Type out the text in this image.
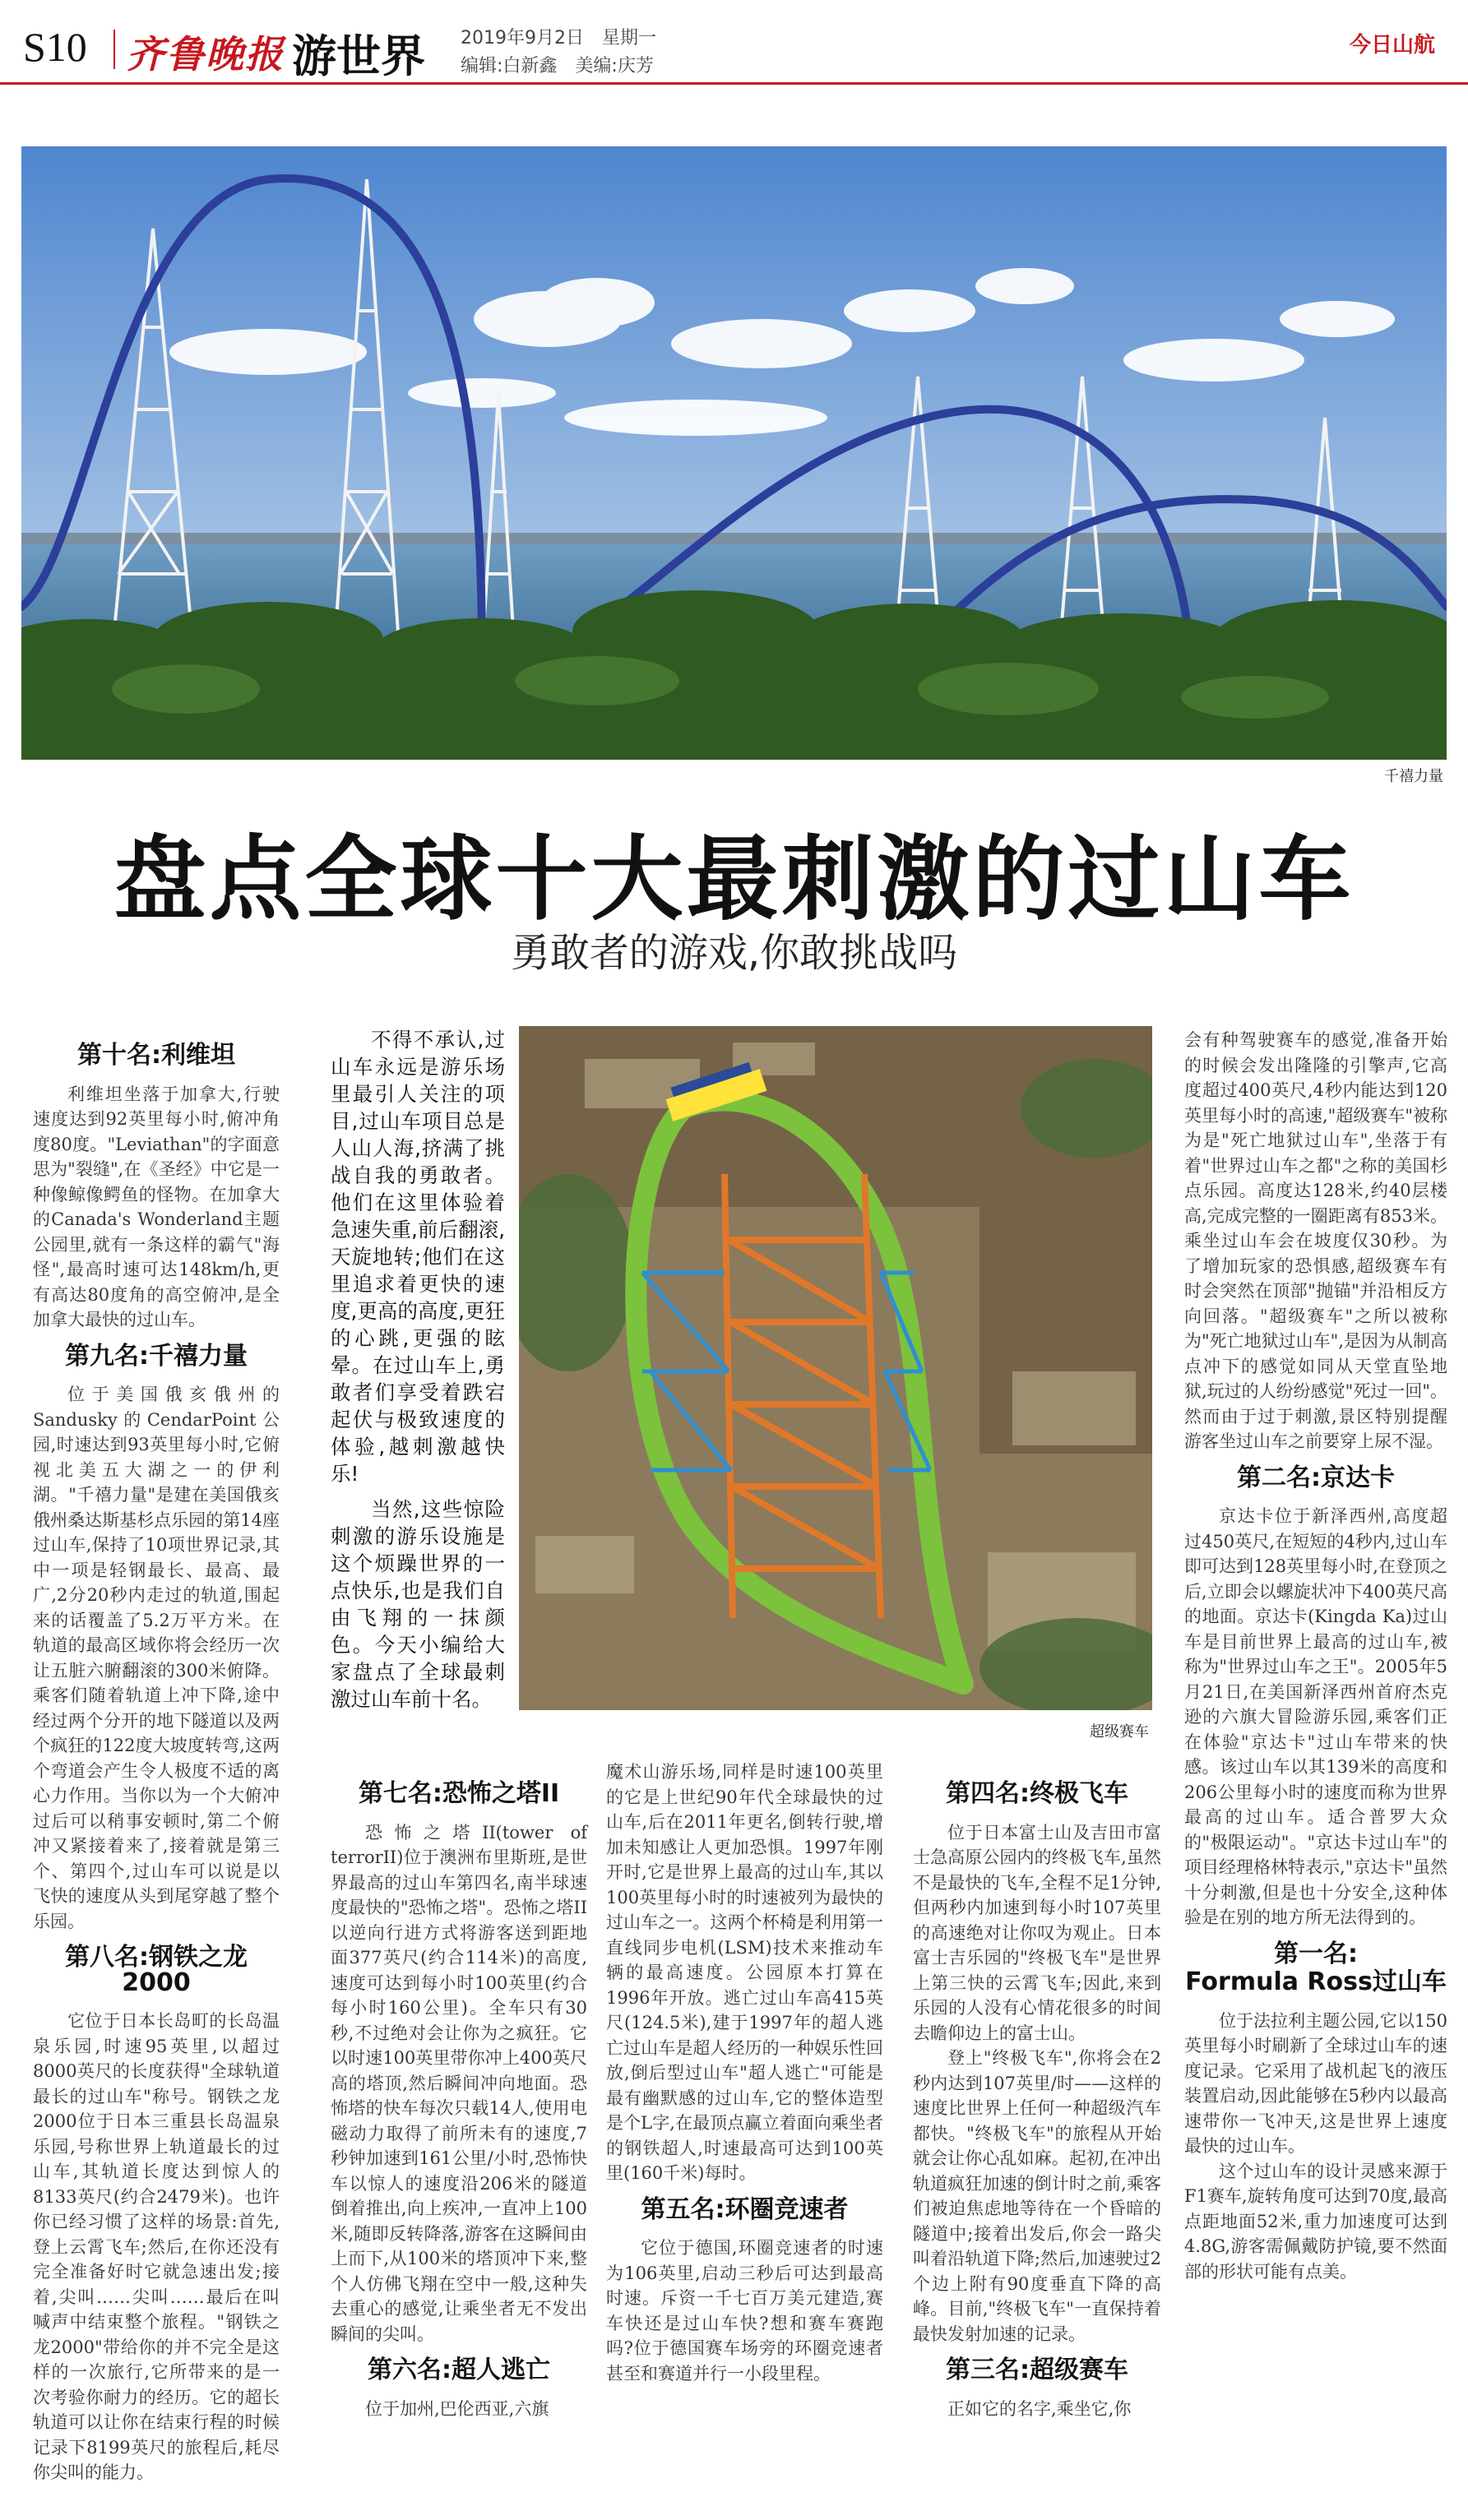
S10 齐鲁晚报 游世界 2019年9月2日　星期一
编辑:白新鑫　美编:庆芳
今日山航
千禧力量
盘点全球十大最刺激的过山车
勇敢者的游戏,你敢挑战吗
第十名:利维坦

利维坦坐落于加拿大,行驶速度达到92英里每小时,俯冲角度80度。"Leviathan"的字面意思为"裂缝",在《圣经》中它是一种像鲸像鳄鱼的怪物。在加拿大的Canada's Wonderland主题公园里,就有一条这样的霸气"海怪",最高时速可达148km/h,更有高达80度角的高空俯冲,是全加拿大最快的过山车。

第九名:千禧力量

位于美国俄亥俄州的Sandusky的CendarPoint公园,时速达到93英里每小时,它俯视北美五大湖之一的伊利湖。"千禧力量"是建在美国俄亥俄州桑达斯基杉点乐园的第14座过山车,保持了10项世界记录,其中一项是轻钢最长、最高、最广,2分20秒内走过的轨道,围起来的话覆盖了5.2万平方米。在轨道的最高区域你将会经历一次让五脏六腑翻滚的300米俯降。乘客们随着轨道上冲下降,途中经过两个分开的地下隧道以及两个疯狂的122度大坡度转弯,这两个弯道会产生令人极度不适的离心力作用。当你以为一个大俯冲过后可以稍事安顿时,第二个俯冲又紧接着来了,接着就是第三个、第四个,过山车可以说是以飞快的速度从头到尾穿越了整个乐园。

第八名:钢铁之龙2000

它位于日本长岛町的长岛温泉乐园,时速95英里,以超过8000英尺的长度获得"全球轨道最长的过山车"称号。钢铁之龙2000位于日本三重县长岛温泉乐园,号称世界上轨道最长的过山车,其轨道长度达到惊人的8133英尺(约合2479米)。也许你已经习惯了这样的场景:首先,登上云霄飞车;然后,在你还没有完全准备好时它就急速出发;接着,尖叫……尖叫……最后在叫喊声中结束整个旅程。"钢铁之龙2000"带给你的并不完全是这样的一次旅行,它所带来的是一次考验你耐力的经历。它的超长轨道可以让你在结束行程的时候记录下8199英尺的旅程后,耗尽你尖叫的能力。

不得不承认,过山车永远是游乐场里最引人关注的项目,过山车项目总是人山人海,挤满了挑战自我的勇敢者。他们在这里体验着急速失重,前后翻滚,天旋地转;他们在这里追求着更快的速度,更高的高度,更狂的心跳,更强的眩晕。在过山车上,勇敢者们享受着跌宕起伏与极致速度的体验,越刺激越快乐!

当然,这些惊险刺激的游乐设施是这个烦躁世界的一点快乐,也是我们自由飞翔的一抹颜色。今天小编给大家盘点了全球最刺激过山车前十名。

超级赛车
第七名:恐怖之塔II

恐怖之塔II(tower of terrorII)位于澳洲布里斯班,是世界最高的过山车第四名,南半球速度最快的"恐怖之塔"。恐怖之塔II以逆向行进方式将游客送到距地面377英尺(约合114米)的高度,速度可达到每小时100英里(约合每小时160公里)。全车只有30秒,不过绝对会让你为之疯狂。它以时速100英里带你冲上400英尺高的塔顶,然后瞬间冲向地面。恐怖塔的快车每次只载14人,使用电磁动力取得了前所未有的速度,7秒钟加速到161公里/小时,恐怖快车以惊人的速度沿206米的隧道倒着推出,向上疾冲,一直冲上100米,随即反转降落,游客在这瞬间由上而下,从100米的塔顶冲下来,整个人仿佛飞翔在空中一般,这种失去重心的感觉,让乘坐者无不发出瞬间的尖叫。

第六名:超人逃亡

位于加州,巴伦西亚,六旗

魔术山游乐场,同样是时速100英里的它是上世纪90年代全球最快的过山车,后在2011年更名,倒转行驶,增加未知感让人更加恐惧。1997年刚开时,它是世界上最高的过山车,其以100英里每小时的时速被列为最快的过山车之一。这两个杯椅是利用第一直线同步电机(LSM)技术来推动车辆的最高速度。公园原本打算在1996年开放。逃亡过山车高415英尺(124.5米),建于1997年的超人逃亡过山车是超人经历的一种娱乐性回放,倒后型过山车"超人逃亡"可能是最有幽默感的过山车,它的整体造型是个L字,在最顶点赢立着面向乘坐者的钢铁超人,时速最高可达到100英里(160千米)每时。

第五名:环圈竞速者

它位于德国,环圈竞速者的时速为106英里,启动三秒后可达到最高时速。斥资一千七百万美元建造,赛车快还是过山车快?想和赛车赛跑吗?位于德国赛车场旁的环圈竞速者甚至和赛道并行一小段里程。

第四名:终极飞车

位于日本富士山及吉田市富士急高原公园内的终极飞车,虽然不是最快的飞车,全程不足1分钟,但两秒内加速到每小时107英里的高速绝对让你叹为观止。日本富士吉乐园的"终极飞车"是世界上第三快的云霄飞车;因此,来到乐园的人没有心情花很多的时间去瞻仰边上的富士山。

登上"终极飞车",你将会在2秒内达到107英里/时——这样的速度比世界上任何一种超级汽车都快。"终极飞车"的旅程从开始就会让你心乱如麻。起初,在冲出轨道疯狂加速的倒计时之前,乘客们被迫焦虑地等待在一个昏暗的隧道中;接着出发后,你会一路尖叫着沿轨道下降;然后,加速驶过2个边上附有90度垂直下降的高峰。目前,"终极飞车"一直保持着最快发射加速的记录。

第三名:超级赛车

正如它的名字,乘坐它,你

会有种驾驶赛车的感觉,准备开始的时候会发出隆隆的引擎声,它高度超过400英尺,4秒内能达到120英里每小时的高速,"超级赛车"被称为是"死亡地狱过山车",坐落于有着"世界过山车之都"之称的美国杉点乐园。高度达128米,约40层楼高,完成完整的一圈距离有853米。乘坐过山车会在坡度仅30秒。为了增加玩家的恐惧感,超级赛车有时会突然在顶部"抛锚"并沿相反方向回落。"超级赛车"之所以被称为"死亡地狱过山车",是因为从制高点冲下的感觉如同从天堂直坠地狱,玩过的人纷纷感觉"死过一回"。然而由于过于刺激,景区特别提醒游客坐过山车之前要穿上尿不湿。

第二名:京达卡

京达卡位于新泽西州,高度超过450英尺,在短短的4秒内,过山车即可达到128英里每小时,在登顶之后,立即会以螺旋状冲下400英尺高的地面。京达卡(Kingda Ka)过山车是目前世界上最高的过山车,被称为"世界过山车之王"。2005年5月21日,在美国新泽西州首府杰克逊的六旗大冒险游乐园,乘客们正在体验"京达卡"过山车带来的快感。该过山车以其139米的高度和206公里每小时的速度而称为世界最高的过山车。适合普罗大众的"极限运动"。"京达卡过山车"的项目经理格林特表示,"京达卡"虽然十分刺激,但是也十分安全,这种体验是在别的地方所无法得到的。

第一名:
Formula Ross过山车

位于法拉利主题公园,它以150英里每小时刷新了全球过山车的速度记录。它采用了战机起飞的液压装置启动,因此能够在5秒内以最高速带你一飞冲天,这是世界上速度最快的过山车。

这个过山车的设计灵感来源于F1赛车,旋转角度可达到70度,最高点距地面52米,重力加速度可达到4.8G,游客需佩戴防护镜,要不然面部的形状可能有点美。
